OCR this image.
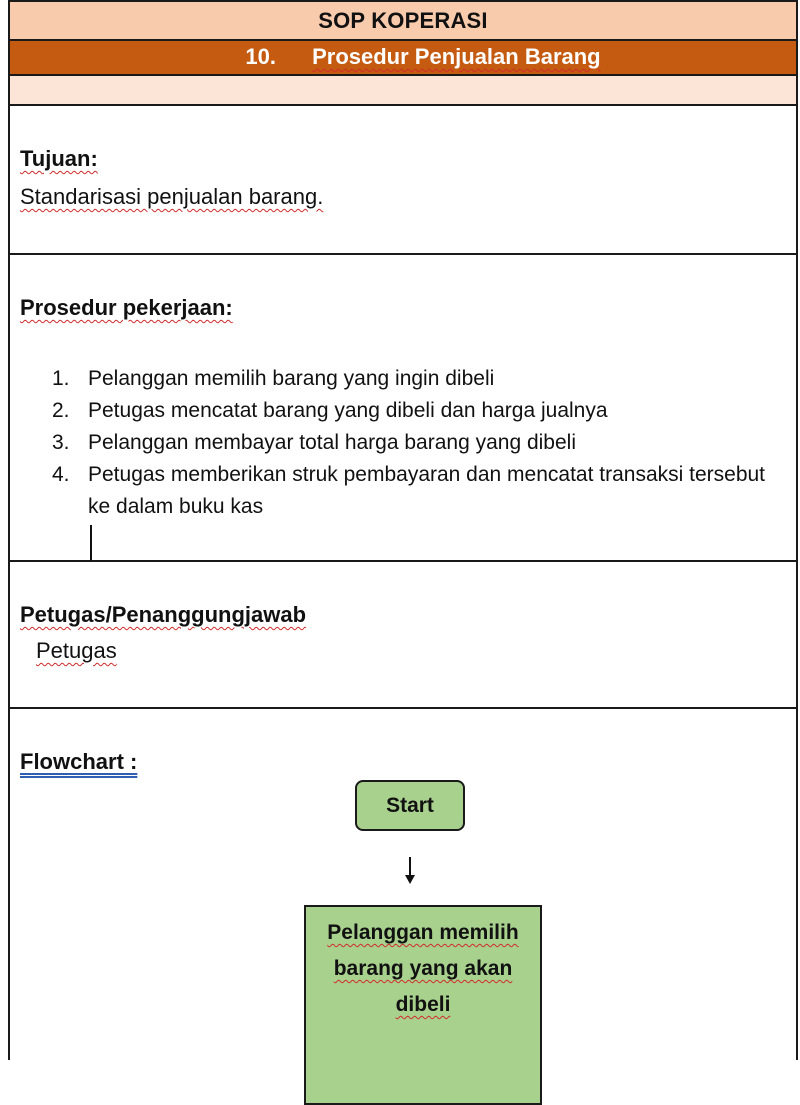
SOP KOPERASI
10. Prosedur Penjualan Barang
Tujuan:
Standarisasi penjualan barang.
Prosedur pekerjaan:
1. Pelanggan memilih barang yang ingin dibeli
2. Petugas mencatat barang yang dibeli dan harga jualnya
3. Pelanggan membayar total harga barang yang dibeli
4. Petugas memberikan struk pembayaran dan mencatat transaksi tersebut ke dalam buku kas
Petugas/Penanggungjawab
Petugas
Flowchart :
Start
Pelanggan memilih
barang yang akan
dibeli
